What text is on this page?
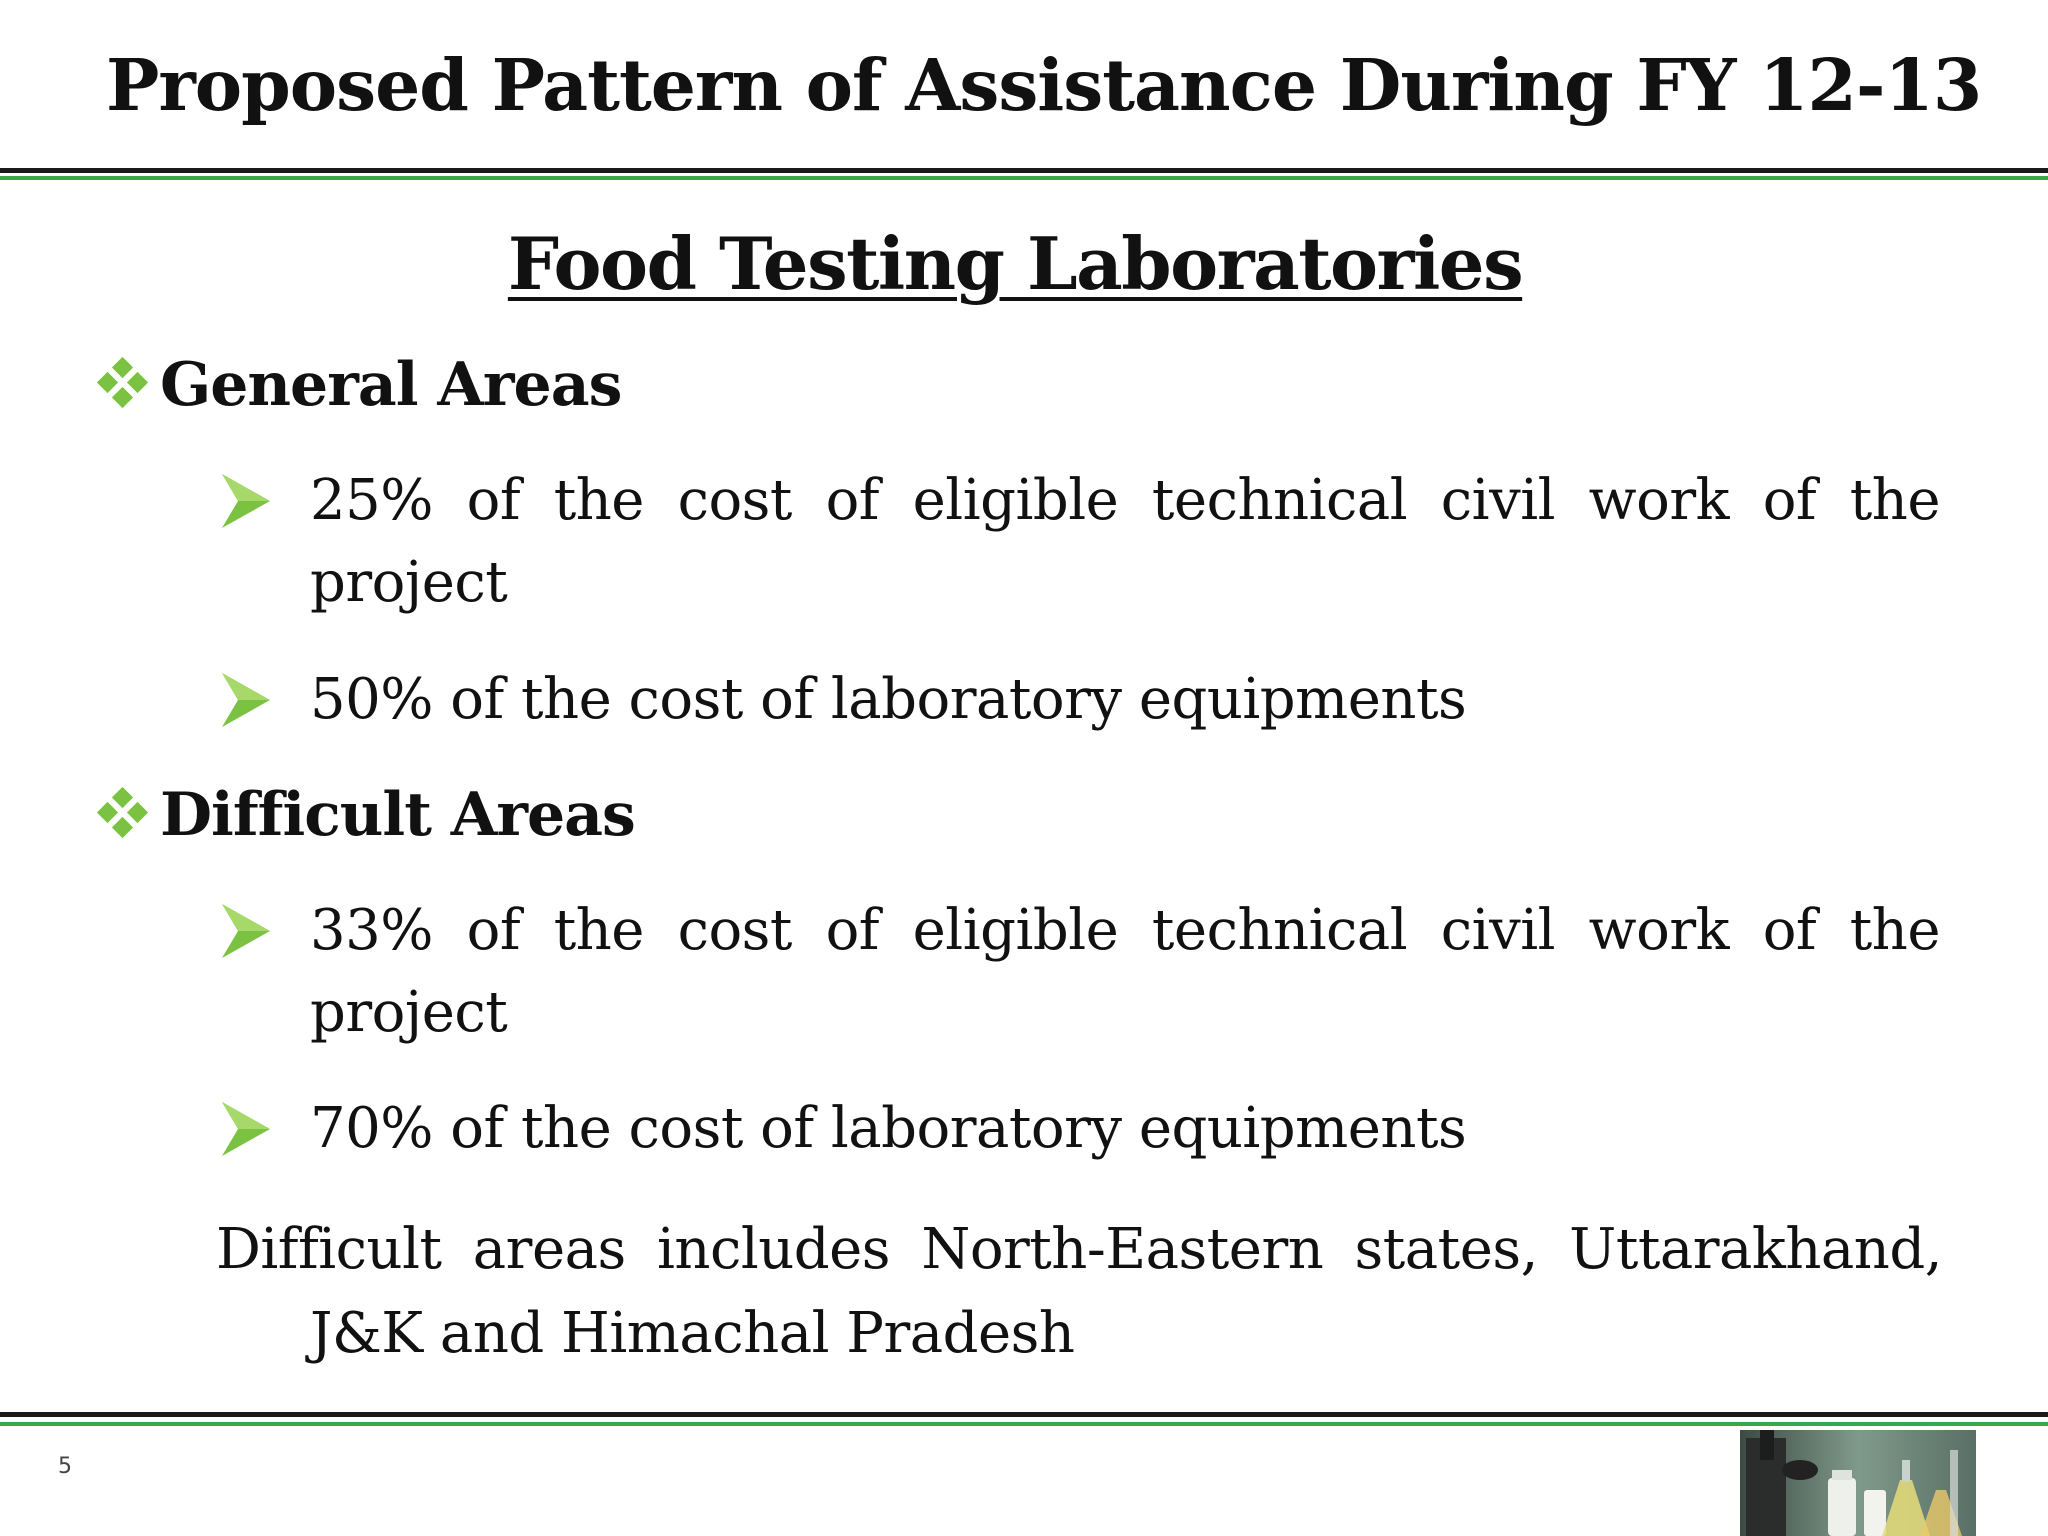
Proposed Pattern of Assistance During FY 12-13
Food Testing Laboratories
General Areas
25% of the cost of eligible technical civil work of the project
50% of the cost of laboratory equipments
Difficult Areas
33% of the cost of eligible technical civil work of the project
70% of the cost of laboratory equipments
Difficult areas includes North-Eastern states, Uttarakhand, J&K and Himachal Pradesh
5
